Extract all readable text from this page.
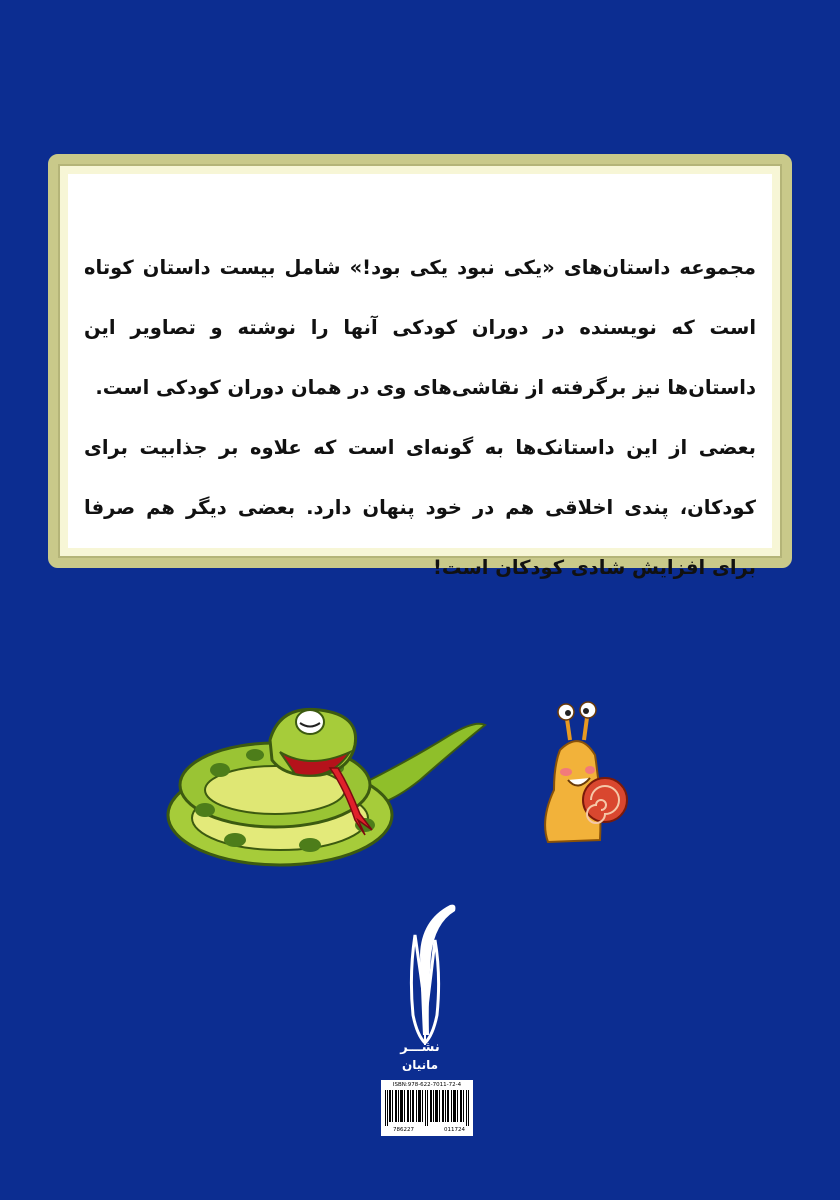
مجموعه داستان‌های «یکی نبود یکی بود!» شامل بیست داستان کوتاه است که نویسنده در دوران کودکی آنها را نوشته و تصاویر این داستان‌ها نیز برگرفته از نقاشی‌های وی در همان دوران کودکی است.

بعضی از این داستانک‌ها به گونه‌ای است که علاوه بر جذابیت برای کودکان، پندی اخلاقی هم در خود پنهان دارد. بعضی دیگر هم صرفا برای افزایش شادی کودکان است!

نشـــر
مانیان
ISBN:978-622-7011-72-4
786227	011724
